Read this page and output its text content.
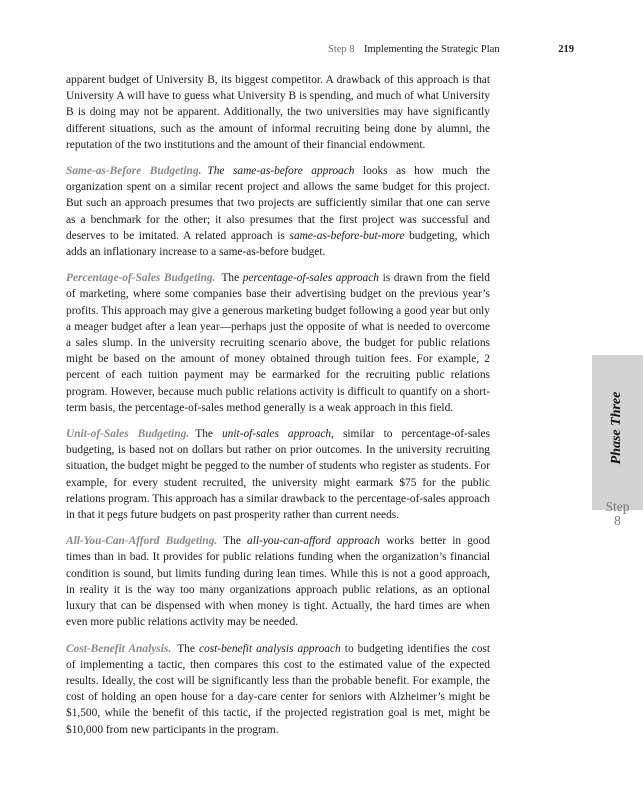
Step 8 Implementing the Strategic Plan	219

apparent budget of University B, its biggest competitor. A drawback of this approach is that University A will have to guess what University B is spending, and much of what University B is doing may not be apparent. Additionally, the two universities may have significantly different situations, such as the amount of informal recruiting being done by alumni, the reputation of the two institutions and the amount of their financial endowment.

Same-as-Before Budgeting. The same-as-before approach looks as how much the organization spent on a similar recent project and allows the same budget for this project. But such an approach presumes that two projects are sufficiently similar that one can serve as a benchmark for the other; it also presumes that the first project was successful and deserves to be imitated. A related approach is same-as-before-but-more budgeting, which adds an inflationary increase to a same-as-before budget.

Percentage-of-Sales Budgeting. The percentage-of-sales approach is drawn from the field of marketing, where some companies base their advertising budget on the previous year’s profits. This approach may give a generous marketing budget following a good year but only a meager budget after a lean year—perhaps just the opposite of what is needed to overcome a sales slump. In the university recruiting scenario above, the budget for public relations might be based on the amount of money obtained through tuition fees. For example, 2 percent of each tuition payment may be earmarked for the recruiting public relations program. However, because much public relations activity is difficult to quantify on a short-term basis, the percentage-of-sales method generally is a weak approach in this field.

Unit-of-Sales Budgeting. The unit-of-sales approach, similar to percentage-of-sales budgeting, is based not on dollars but rather on prior outcomes. In the university recruiting situation, the budget might be pegged to the number of students who register as students. For example, for every student recruited, the university might earmark $75 for the public relations program. This approach has a similar drawback to the percentage-of-sales approach in that it pegs future budgets on past prosperity rather than current needs.

All-You-Can-Afford Budgeting. The all-you-can-afford approach works better in good times than in bad. It provides for public relations funding when the organization’s financial condition is sound, but limits funding during lean times. While this is not a good approach, in reality it is the way too many organizations approach public relations, as an optional luxury that can be dispensed with when money is tight. Actually, the hard times are when even more public relations activity may be needed.

Cost-Benefit Analysis. The cost-benefit analysis approach to budgeting identifies the cost of implementing a tactic, then compares this cost to the estimated value of the expected results. Ideally, the cost will be significantly less than the probable benefit. For example, the cost of holding an open house for a day-care center for seniors with Alzheimer’s might be $1,500, while the benefit of this tactic, if the projected registration goal is met, might be $10,000 from new participants in the program.

Phase Three
Step
8
